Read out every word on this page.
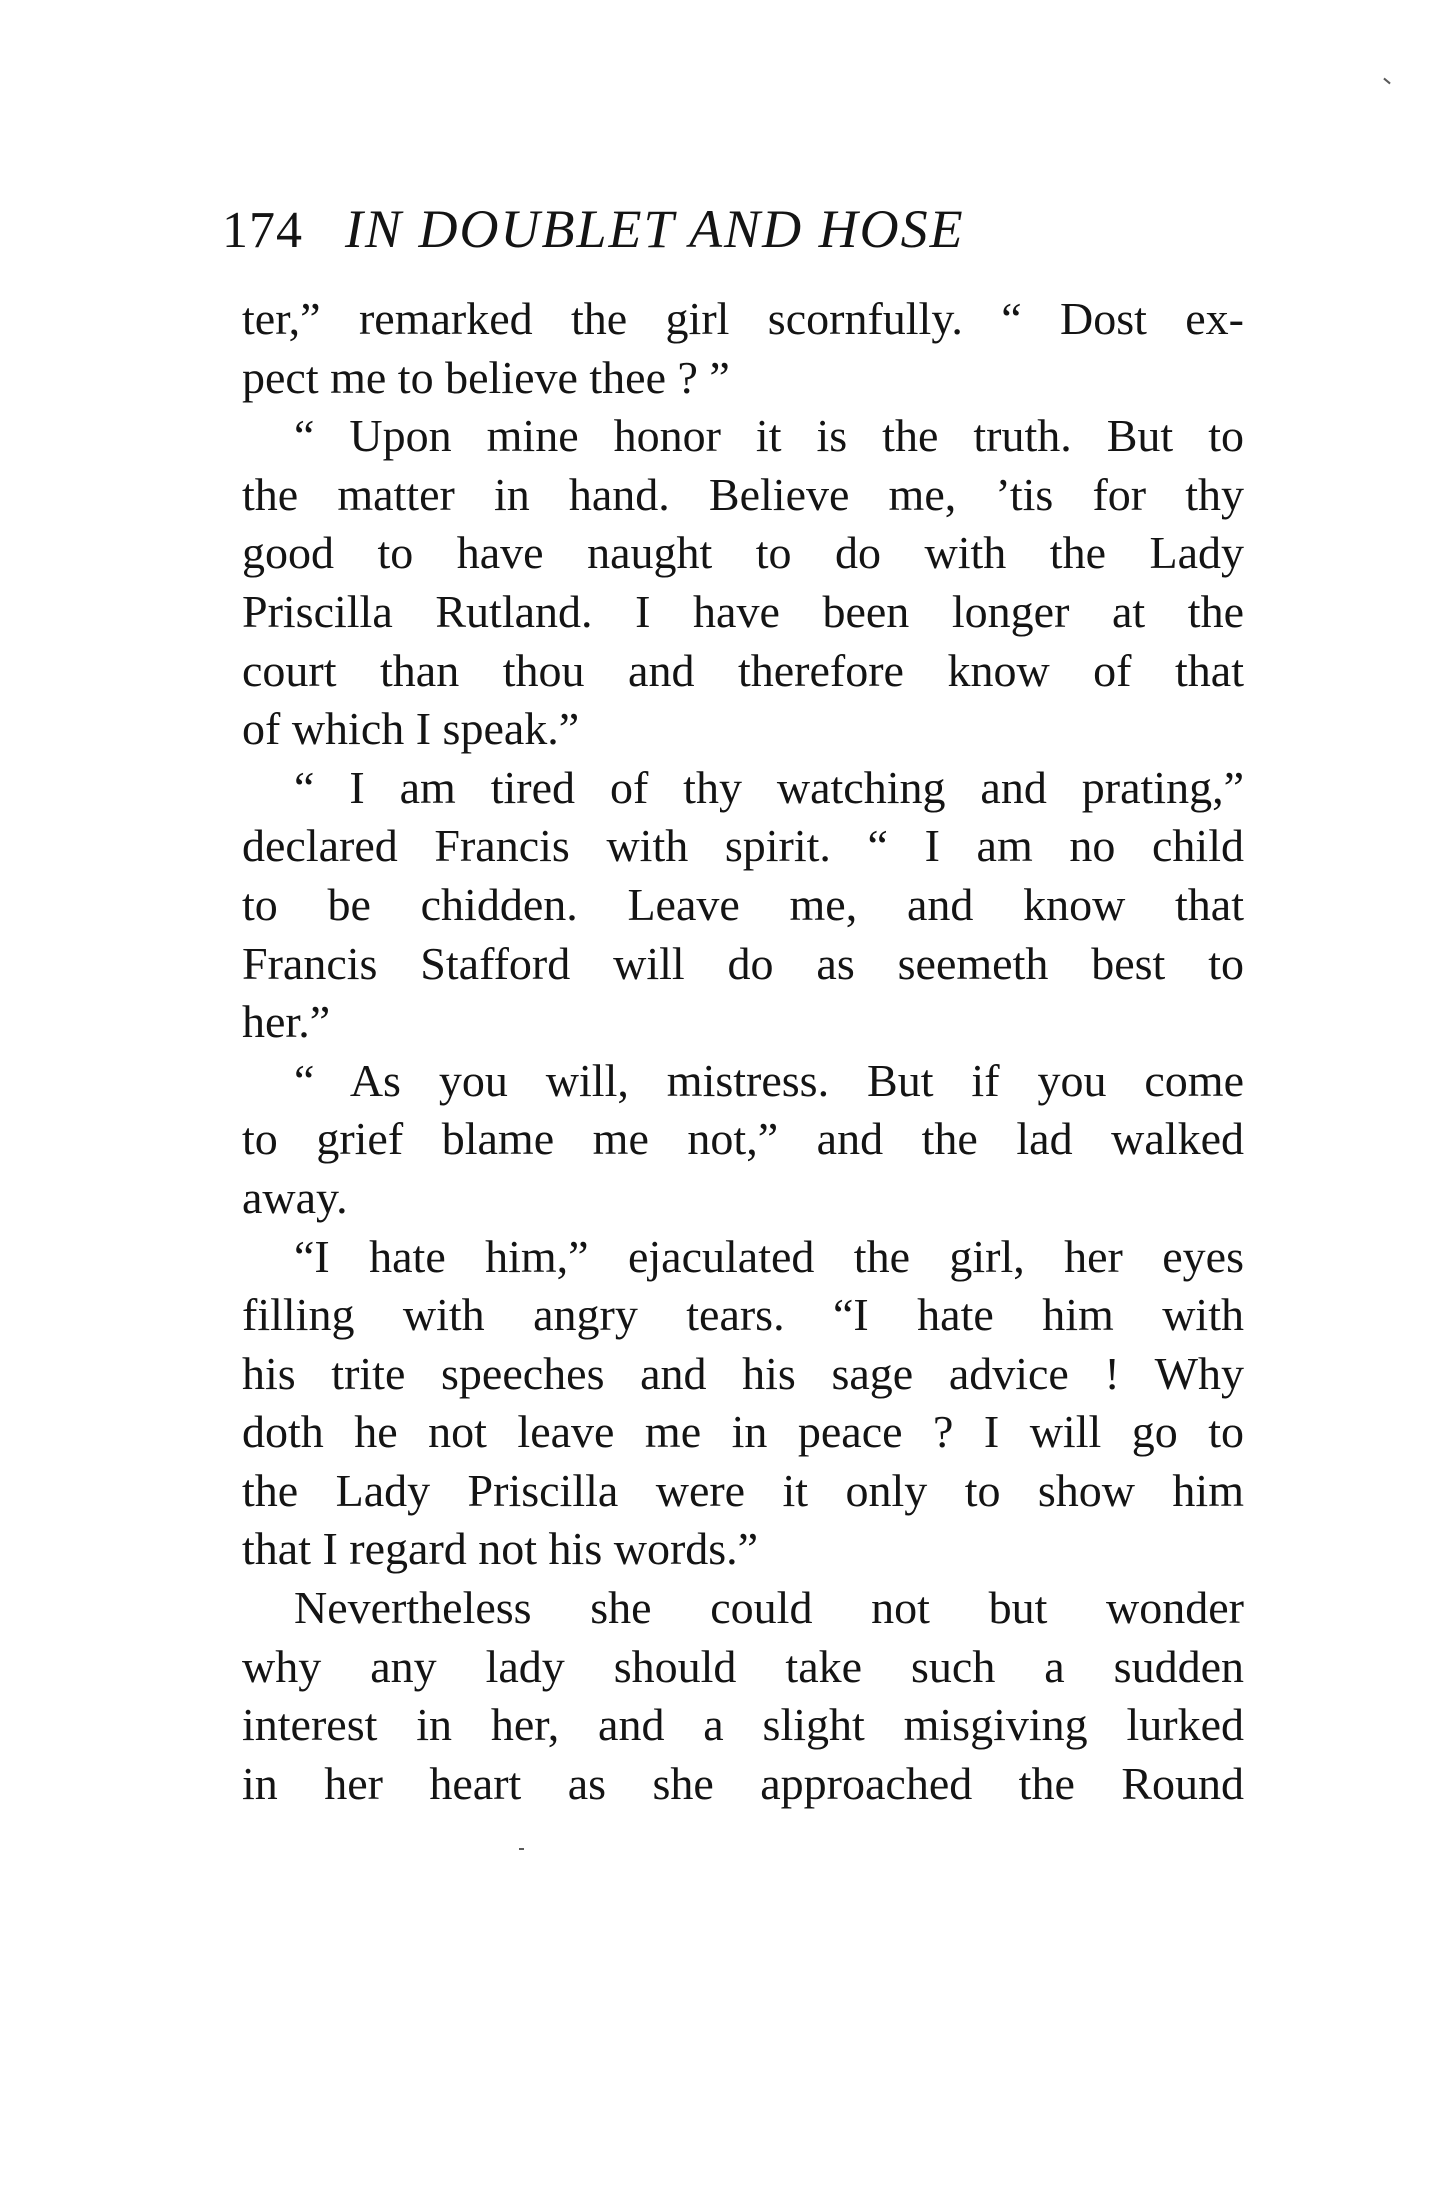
174 IN DOUBLET AND HOSE
ter,” remarked the girl scornfully. “ Dost ex-
pect me to believe thee ? ”
“ Upon mine honor it is the truth. But to
the matter in hand. Believe me, ’tis for thy
good to have naught to do with the Lady
Priscilla Rutland. I have been longer at the
court than thou and therefore know of that
of which I speak.”
“ I am tired of thy watching and prating,”
declared Francis with spirit. “ I am no child
to be chidden. Leave me, and know that
Francis Stafford will do as seemeth best to
her.”
“ As you will, mistress. But if you come
to grief blame me not,” and the lad walked
away.
“I hate him,” ejaculated the girl, her eyes
filling with angry tears. “I hate him with
his trite speeches and his sage advice ! Why
doth he not leave me in peace ? I will go to
the Lady Priscilla were it only to show him
that I regard not his words.”
Nevertheless she could not but wonder
why any lady should take such a sudden
interest in her, and a slight misgiving lurked
in her heart as she approached the Round
